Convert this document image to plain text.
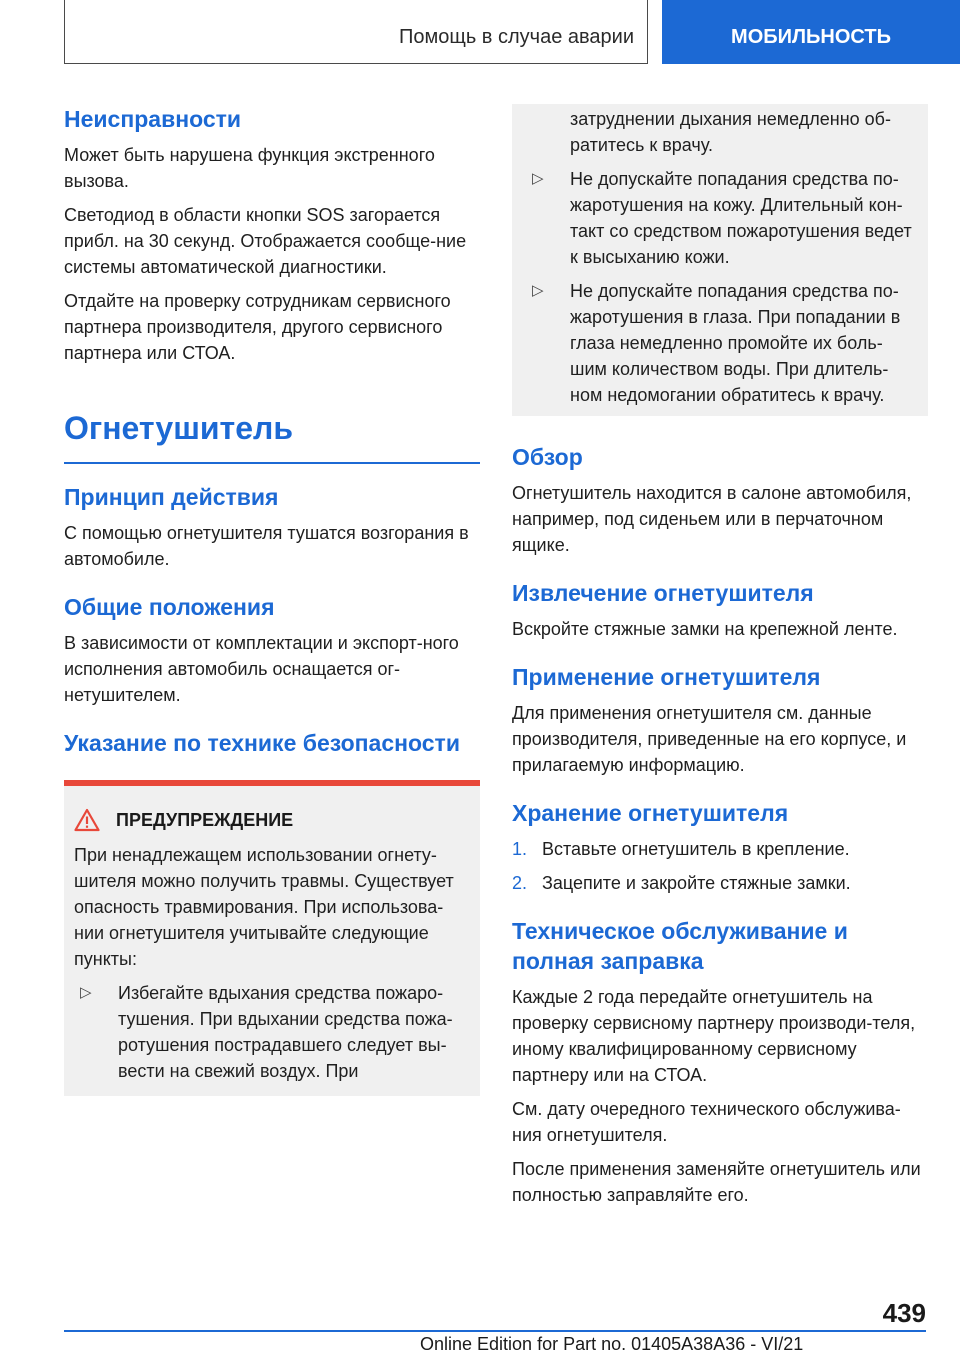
Помощь в случае аварии	МОБИЛЬНОСТЬ
Неисправности

Может быть нарушена функция экстренного вызова.

Светодиод в области кнопки SOS загорается прибл. на 30 секунд. Отображается сообще-ние системы автоматической диагностики.

Отдайте на проверку сотрудникам сервисного партнера производителя, другого сервисного партнера или СТОА.

Огнетушитель
Принцип действия

С помощью огнетушителя тушатся возгорания в автомобиле.

Общие положения

В зависимости от комплектации и экспорт-ного исполнения автомобиль оснащается ог-нетушителем.

Указание по технике безопасности
ПРЕДУПРЕЖДЕНИЕ

При ненадлежащем использовании огнету-шителя можно получить травмы. Существует опасность травмирования. При использова-нии огнетушителя учитывайте следующие пункты:

▷	Избегайте вдыхания средства пожаро-тушения. При вдыхании средства пожа-ротушения пострадавшего следует вы-вести на свежий воздух. При

затруднении дыхания немедленно об-ратитесь к врачу.

▷	Не допускайте попадания средства по-жаротушения на кожу. Длительный кон-такт со средством пожаротушения ведет к высыханию кожи.

▷	Не допускайте попадания средства по-жаротушения в глаза. При попадании в глаза немедленно промойте их боль-шим количеством воды. При длитель-ном недомогании обратитесь к врачу.

Обзор

Огнетушитель находится в салоне автомобиля, например, под сиденьем или в перчаточном ящике.

Извлечение огнетушителя

Вскройте стяжные замки на крепежной ленте.

Применение огнетушителя

Для применения огнетушителя см. данные производителя, приведенные на его корпусе, и прилагаемую информацию.

Хранение огнетушителя
1. Вставьте огнетушитель в крепление.

2. Зацепите и закройте стяжные замки.

Техническое обслуживание и полная заправка

Каждые 2 года передайте огнетушитель на проверку сервисному партнеру производи-теля, иному квалифицированному сервисному партнеру или на СТОА.

См. дату очередного технического обслужива-ния огнетушителя.

После применения заменяйте огнетушитель или полностью заправляйте его.

439
Online Edition for Part no. 01405A38A36 - VI/21
